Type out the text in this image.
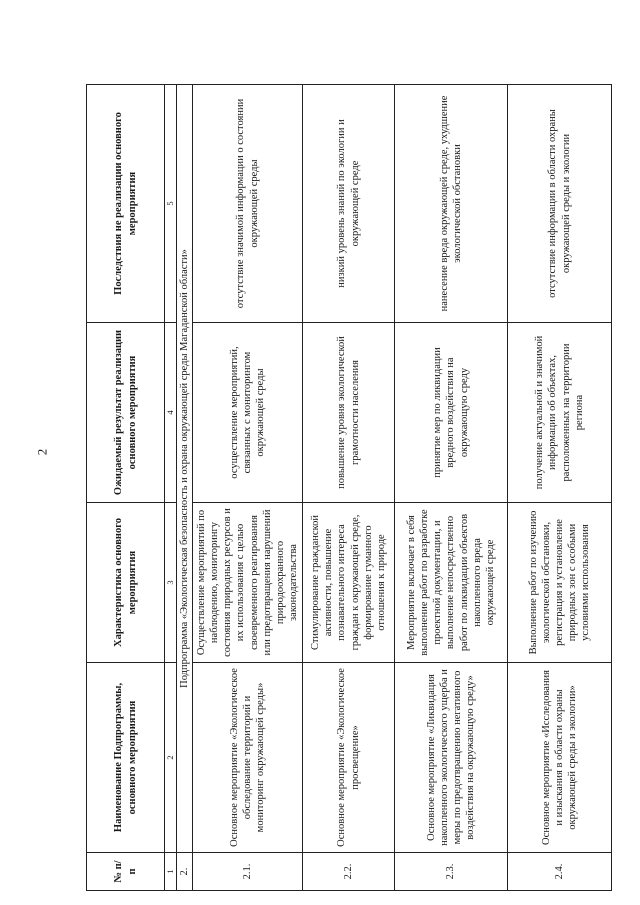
2
№ п/п	Наименование Подпрограммы, основного мероприятия	Характеристика основного мероприятия	Ожидаемый результат реализации основного мероприятия	Последствия не реализации основного мероприятия
1	2	3	4	5
2.	Подпрограмма «Экологическая безопасность и охрана окружающей среды Магаданской области»			
2.1.	Основное мероприятие «Экологическое обследование территорий и мониторинг окружающей среды»	Осуществление мероприятий по наблюдению, мониторингу состояния природных ресурсов и их использования с целью своевременного реагирования или предотвращения нарушений природоохранного законодательства	осуществление мероприятий, связанных с мониторингом окружающей среды	отсутствие значимой информации о состоянии окружающей среды
2.2.	Основное мероприятие «Экологическое просвещение»	Стимулирование гражданской активности, повышение познавательного интереса граждан к окружающей среде, формирование гуманного отношения к природе	повышение уровня экологической грамотности населения	низкий уровень знаний по экологии и окружающей среде
2.3.	Основное мероприятие «Ликвидация накопленного экологического ущерба и меры по предотвращению негативного воздействия на окружающую среду»	Мероприятие включает в себя выполнение работ по разработке проектной документации, и выполнение непосредственно работ по ликвидации объектов накопленного вреда окружающей среде	принятие мер по ликвидации вредного воздействия на окружающую среду	нанесение вреда окружающей среде, ухудшение экологической обстановки
2.4.	Основное мероприятие «Исследования и изыскания в области охраны окружающей среды и экологии»	Выполнение работ по изучению экологической обстановки, регистрация и установление природных зон с особыми условиями использования	получение актуальной и значимой информации об объектах, расположенных на территории региона	отсутствие информации в области охраны окружающей среды и экологии
